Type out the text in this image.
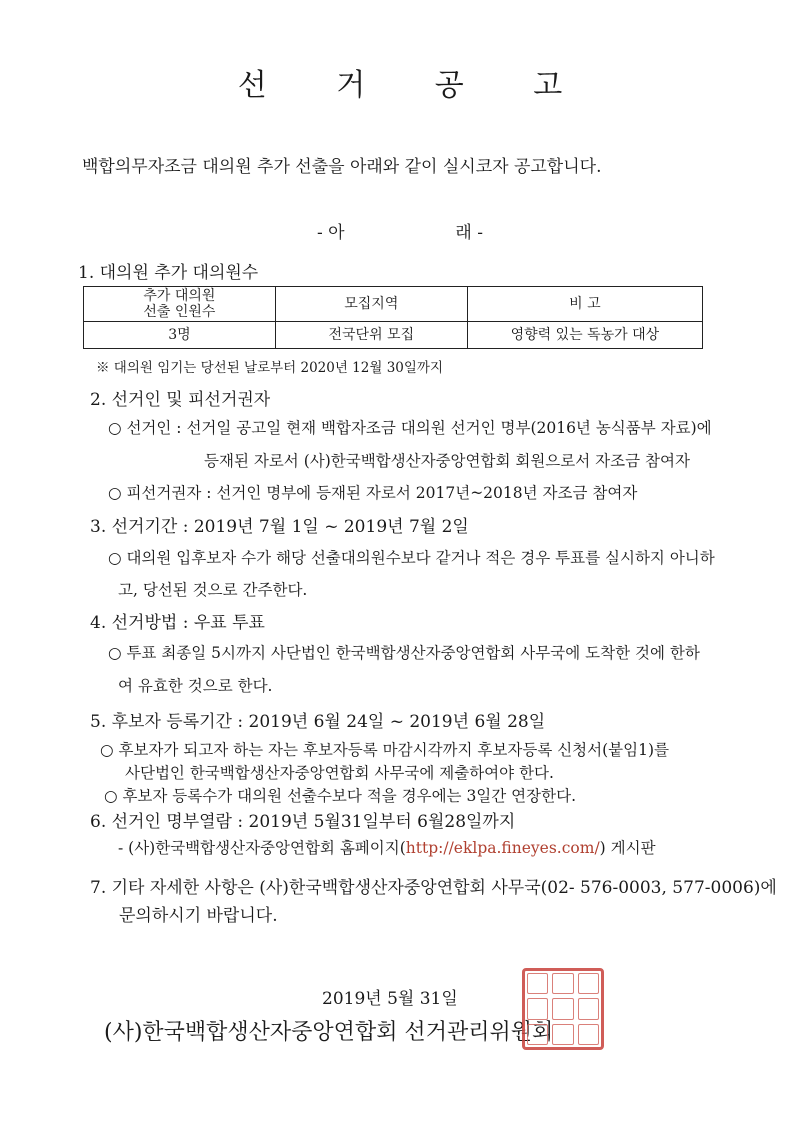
선 거 공 고
백합의무자조금 대의원 추가 선출을 아래와 같이 실시코자 공고합니다.
- 아	래 -
1. 대의원 추가 대의원수
추가 대의원
선출 인원수	모집지역	비 고
3명	전국단위 모집	영향력 있는 독농가 대상
※ 대의원 임기는 당선된 날로부터 2020년 12월 30일까지
2. 선거인 및 피선거권자
○ 선거인 : 선거일 공고일 현재 백합자조금 대의원 선거인 명부(2016년 농식품부 자료)에
등재된 자로서 (사)한국백합생산자중앙연합회 회원으로서 자조금 참여자
○ 피선거권자 : 선거인 명부에 등재된 자로서 2017년~2018년 자조금 참여자
3. 선거기간 : 2019년 7월 1일 ~ 2019년 7월 2일
○ 대의원 입후보자 수가 해당 선출대의원수보다 같거나 적은 경우 투표를 실시하지 아니하
고, 당선된 것으로 간주한다.
4. 선거방법 : 우표 투표
○ 투표 최종일 5시까지 사단법인 한국백합생산자중앙연합회 사무국에 도착한 것에 한하
여 유효한 것으로 한다.
5. 후보자 등록기간 : 2019년 6월 24일 ~ 2019년 6월 28일
○ 후보자가 되고자 하는 자는 후보자등록 마감시각까지 후보자등록 신청서(붙임1)를
사단법인 한국백합생산자중앙연합회 사무국에 제출하여야 한다.
○ 후보자 등록수가 대의원 선출수보다 적을 경우에는 3일간 연장한다.
6. 선거인 명부열람 : 2019년 5월31일부터 6월28일까지
- (사)한국백합생산자중앙연합회 홈페이지(http://eklpa.fineyes.com/) 게시판
7. 기타 자세한 사항은 (사)한국백합생산자중앙연합회 사무국(02- 576-0003, 577-0006)에
문의하시기 바랍니다.
2019년 5월 31일
(사)한국백합생산자중앙연합회 선거관리위원회
